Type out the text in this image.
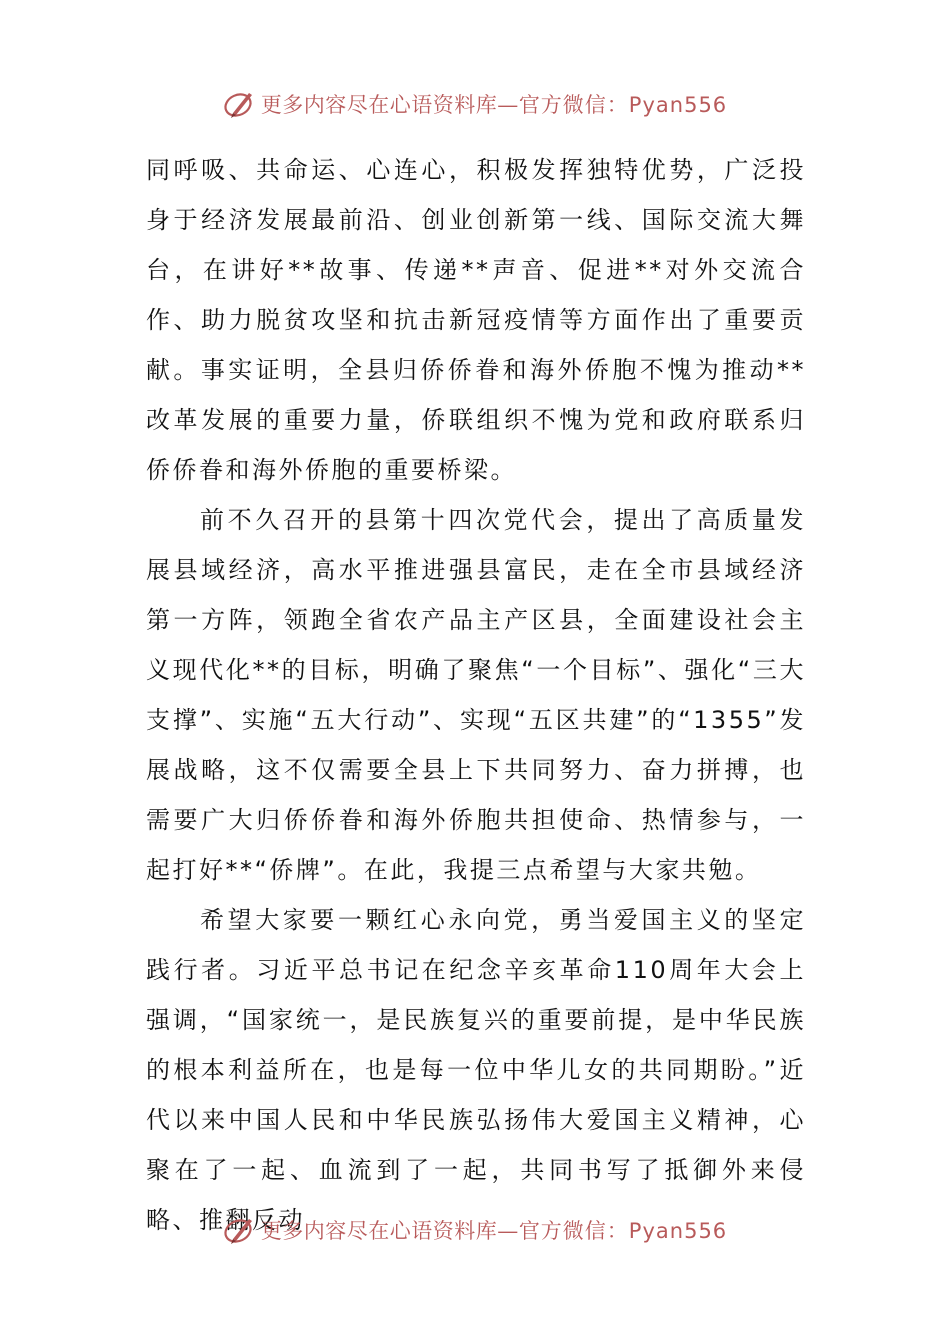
更多内容尽在心语资料库— 官方微信：Pyan556

同呼吸、共命运、心连心，积极发挥独特优势，广泛投身于经济发展最前沿、创业创新第一线、国际交流大舞台，在讲好**故事、传递**声音、促进**对外交流合作、助力脱贫攻坚和抗击新冠疫情等方面作出了重要贡献。事实证明，全县归侨侨眷和海外侨胞不愧为推动**改革发展的重要力量，侨联组织不愧为党和政府联系归侨侨眷和海外侨胞的重要桥梁。

前不久召开的县第十四次党代会，提出了高质量发展县域经济，高水平推进强县富民，走在全市县域经济第一方阵，领跑全省农产品主产区县，全面建设社会主义现代化**的目标，明确了聚焦“一个目标”、强化“三大支撑”、实施“五大行动”、实现“五区共建”的“1355”发展战略，这不仅需要全县上下共同努力、奋力拼搏，也需要广大归侨侨眷和海外侨胞共担使命、热情参与，一起打好**“侨牌”。在此，我提三点希望与大家共勉。

希望大家要一颗红心永向党，勇当爱国主义的坚定践行者。习近平总书记在纪念辛亥革命110周年大会上强调，“国家统一，是民族复兴的重要前提，是中华民族的根本利益所在，也是每一位中华儿女的共同期盼。”近代以来中国人民和中华民族弘扬伟大爱国主义精神，心聚在了一起、血流到了一起，共同书写了抵御外来侵略、推翻反动

更多内容尽在心语资料库— 官方微信：Pyan556
